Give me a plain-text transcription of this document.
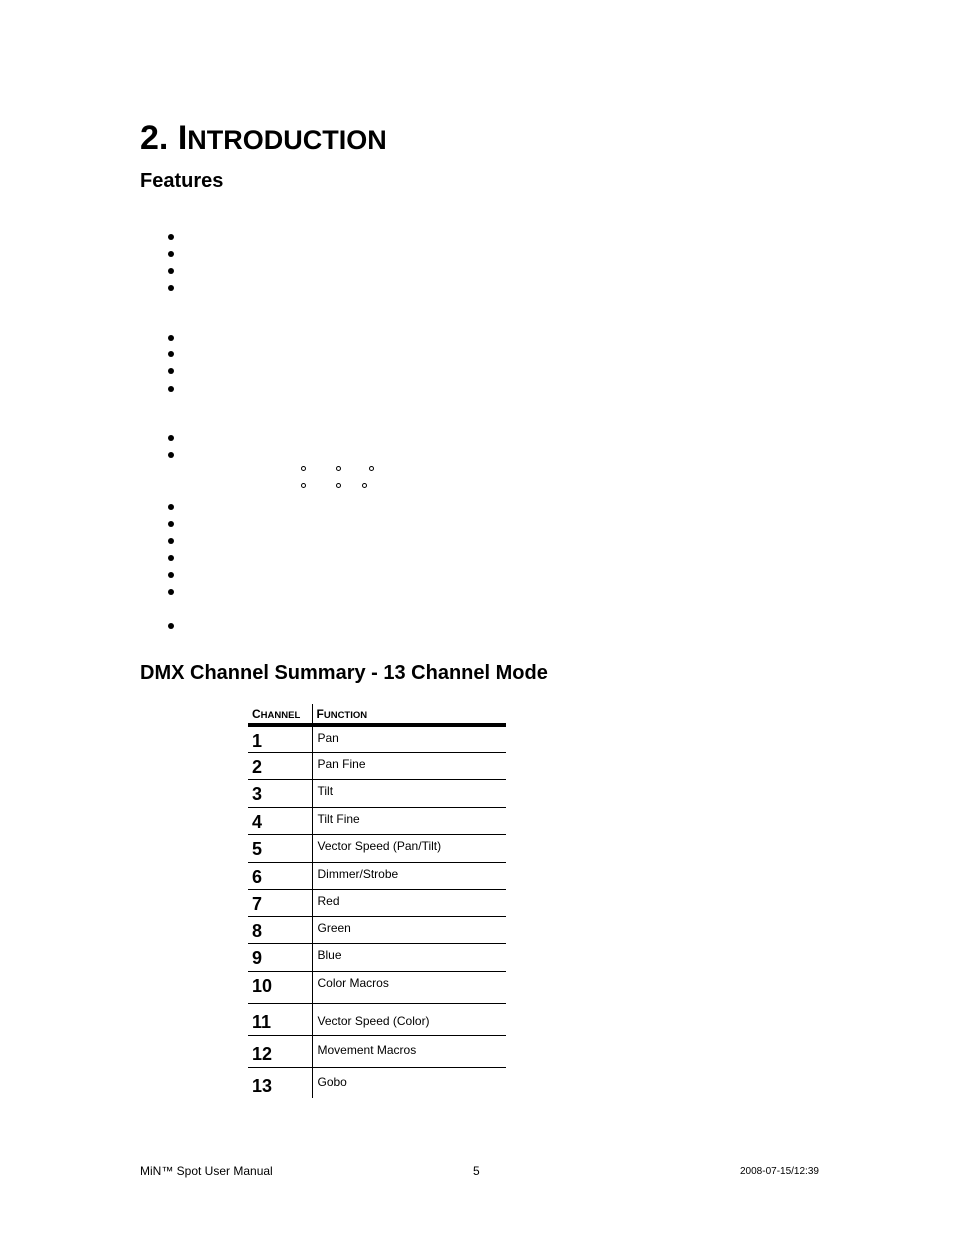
2. INTRODUCTION
Features
DMX Channel Summary - 13 Channel Mode
CHANNEL	FUNCTION
1	Pan
2	Pan Fine
3	Tilt
4	Tilt Fine
5	Vector Speed (Pan/Tilt)
6	Dimmer/Strobe
7	Red
8	Green
9	Blue
10	Color Macros
11	Vector Speed (Color)
12	Movement Macros
13	Gobo
MiN™ Spot User Manual	5	2008-07-15/12:39
